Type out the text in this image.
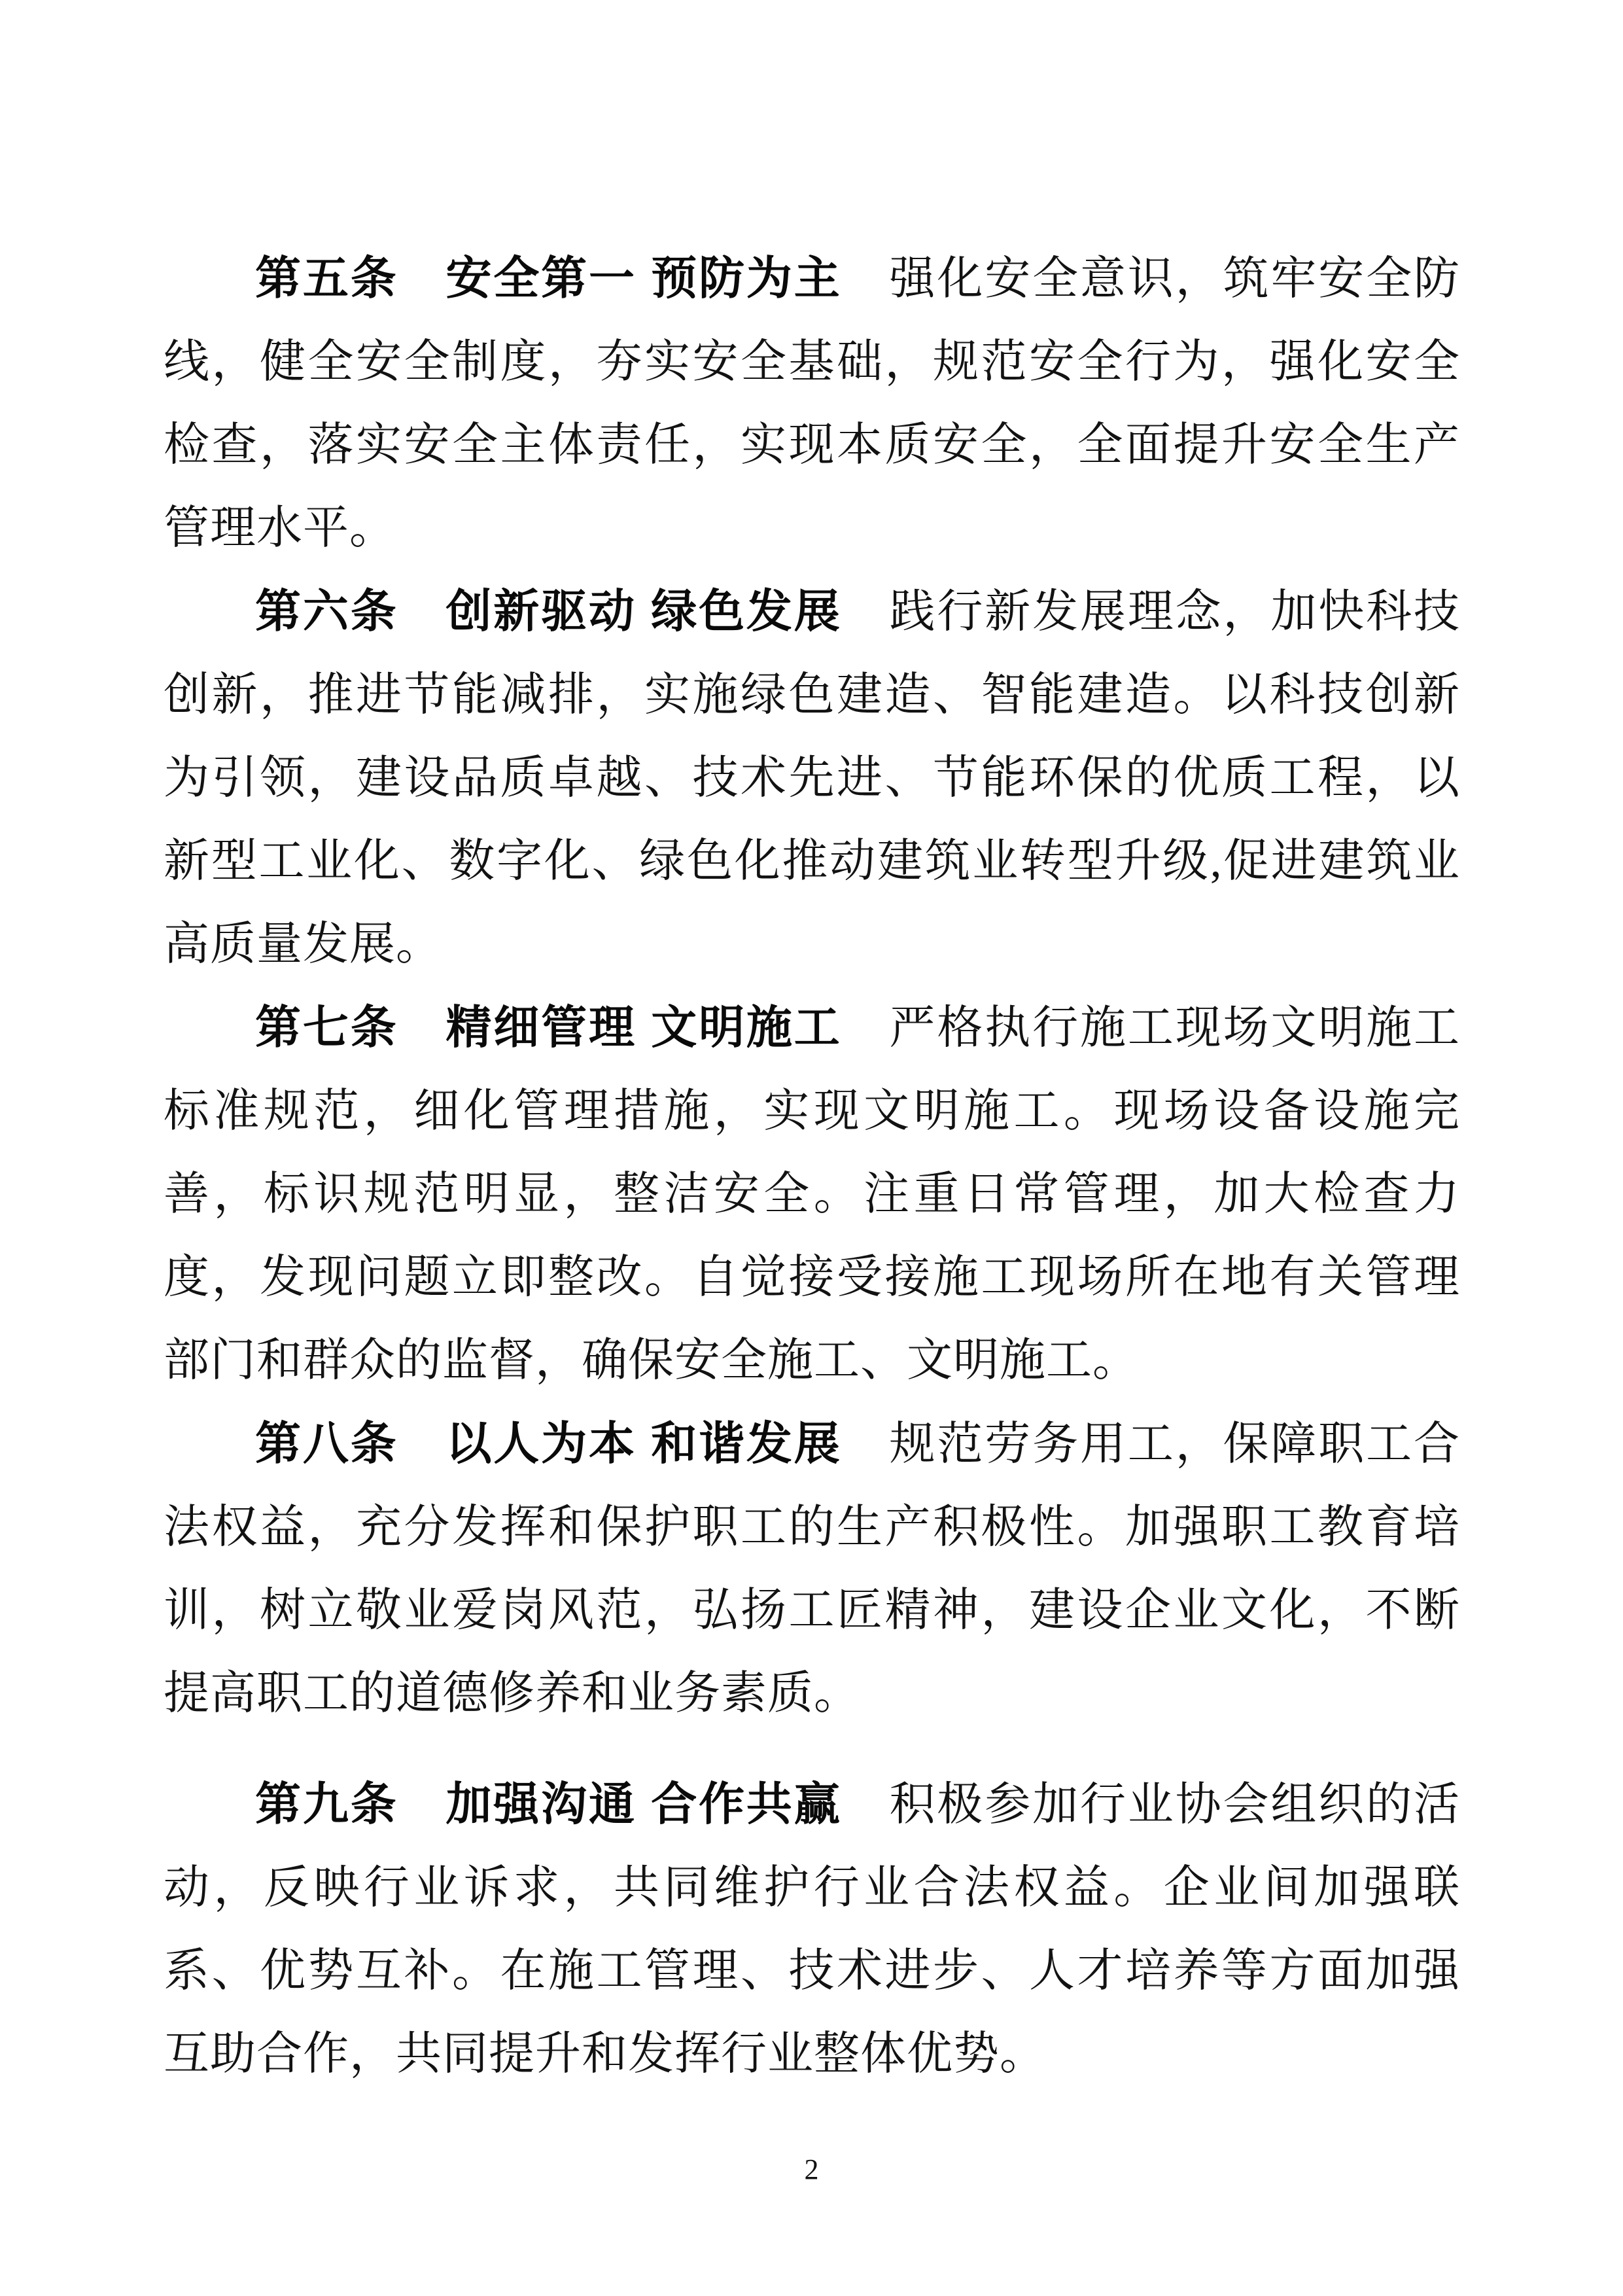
第五条　安全第一 预防为主　强化安全意识，筑牢安全防线，健全安全制度，夯实安全基础，规范安全行为，强化安全检查，落实安全主体责任，实现本质安全，全面提升安全生产管理水平。

第六条　创新驱动 绿色发展　践行新发展理念，加快科技创新，推进节能减排，实施绿色建造、智能建造。以科技创新为引领，建设品质卓越、技术先进、节能环保的优质工程，以新型工业化、数字化、绿色化推动建筑业转型升级,促进建筑业高质量发展。

第七条　精细管理 文明施工　严格执行施工现场文明施工标准规范，细化管理措施，实现文明施工。现场设备设施完善，标识规范明显，整洁安全。注重日常管理，加大检查力度，发现问题立即整改。自觉接受接施工现场所在地有关管理部门和群众的监督，确保安全施工、文明施工。

第八条　以人为本 和谐发展　规范劳务用工，保障职工合法权益，充分发挥和保护职工的生产积极性。加强职工教育培训，树立敬业爱岗风范，弘扬工匠精神，建设企业文化，不断提高职工的道德修养和业务素质。

第九条　加强沟通 合作共赢　积极参加行业协会组织的活动，反映行业诉求，共同维护行业合法权益。企业间加强联系、优势互补。在施工管理、技术进步、人才培养等方面加强互助合作，共同提升和发挥行业整体优势。

2
